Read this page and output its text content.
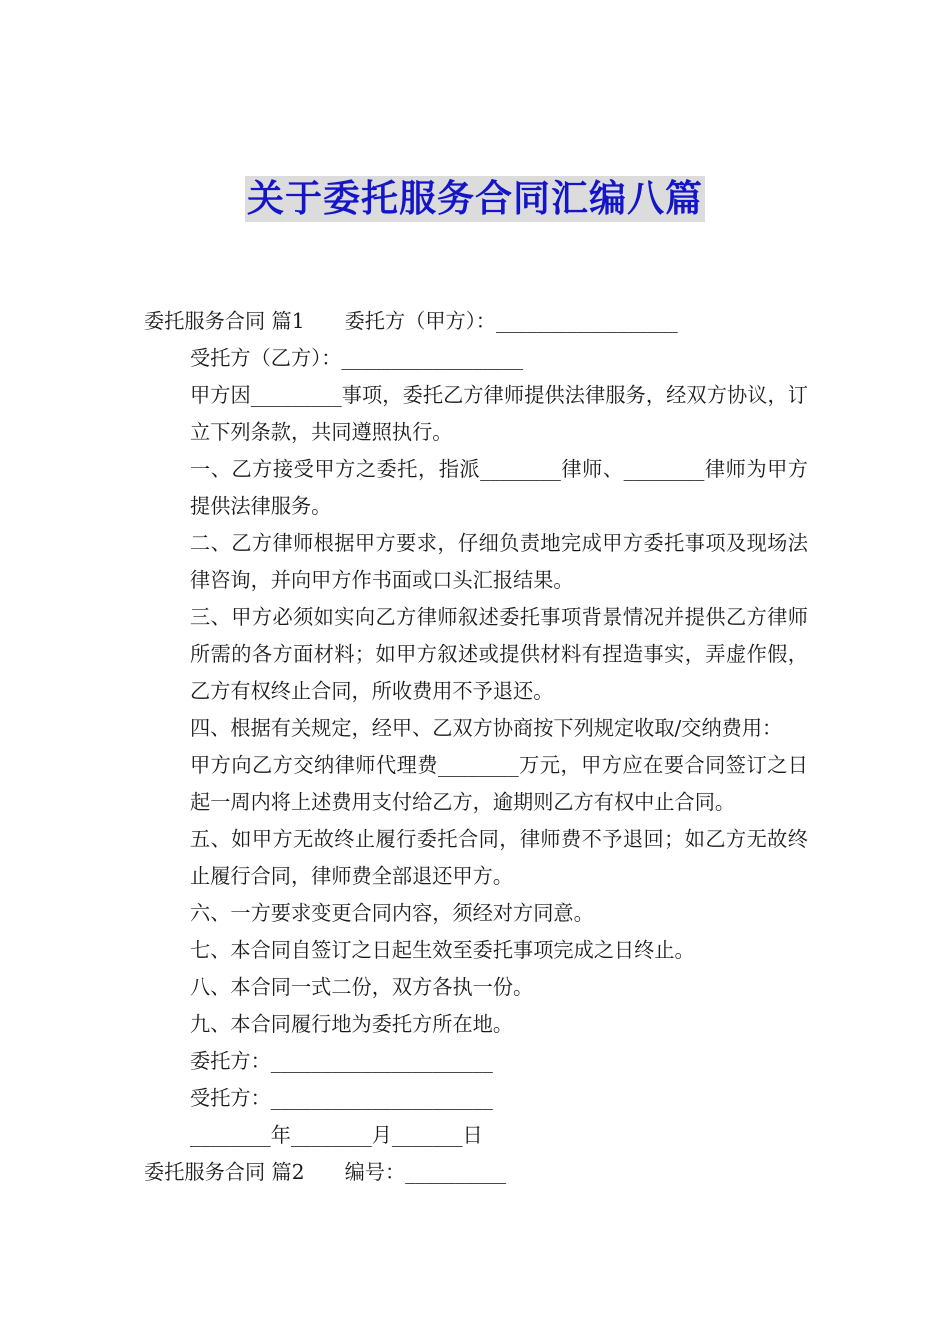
关于委托服务合同汇编八篇

委托服务合同 篇1 委托方（甲方）：__________________

受托方（乙方）：__________________

甲方因_________事项，委托乙方律师提供法律服务，经双方协议，订立下列条款，共同遵照执行。

一、乙方接受甲方之委托，指派________律师、________律师为甲方提供法律服务。

二、乙方律师根据甲方要求，仔细负责地完成甲方委托事项及现场法律咨询，并向甲方作书面或口头汇报结果。

三、甲方必须如实向乙方律师叙述委托事项背景情况并提供乙方律师所需的各方面材料；如甲方叙述或提供材料有捏造事实，弄虚作假，乙方有权终止合同，所收费用不予退还。

四、根据有关规定，经甲、乙双方协商按下列规定收取/交纳费用：

甲方向乙方交纳律师代理费________万元，甲方应在要合同签订之日起一周内将上述费用支付给乙方，逾期则乙方有权中止合同。

五、如甲方无故终止履行委托合同，律师费不予退回；如乙方无故终止履行合同，律师费全部退还甲方。

六、一方要求变更合同内容，须经对方同意。

七、本合同自签订之日起生效至委托事项完成之日终止。

八、本合同一式二份，双方各执一份。

九、本合同履行地为委托方所在地。

委托方：______________________

受托方：______________________

________年________月_______日

委托服务合同 篇2 编号：__________
